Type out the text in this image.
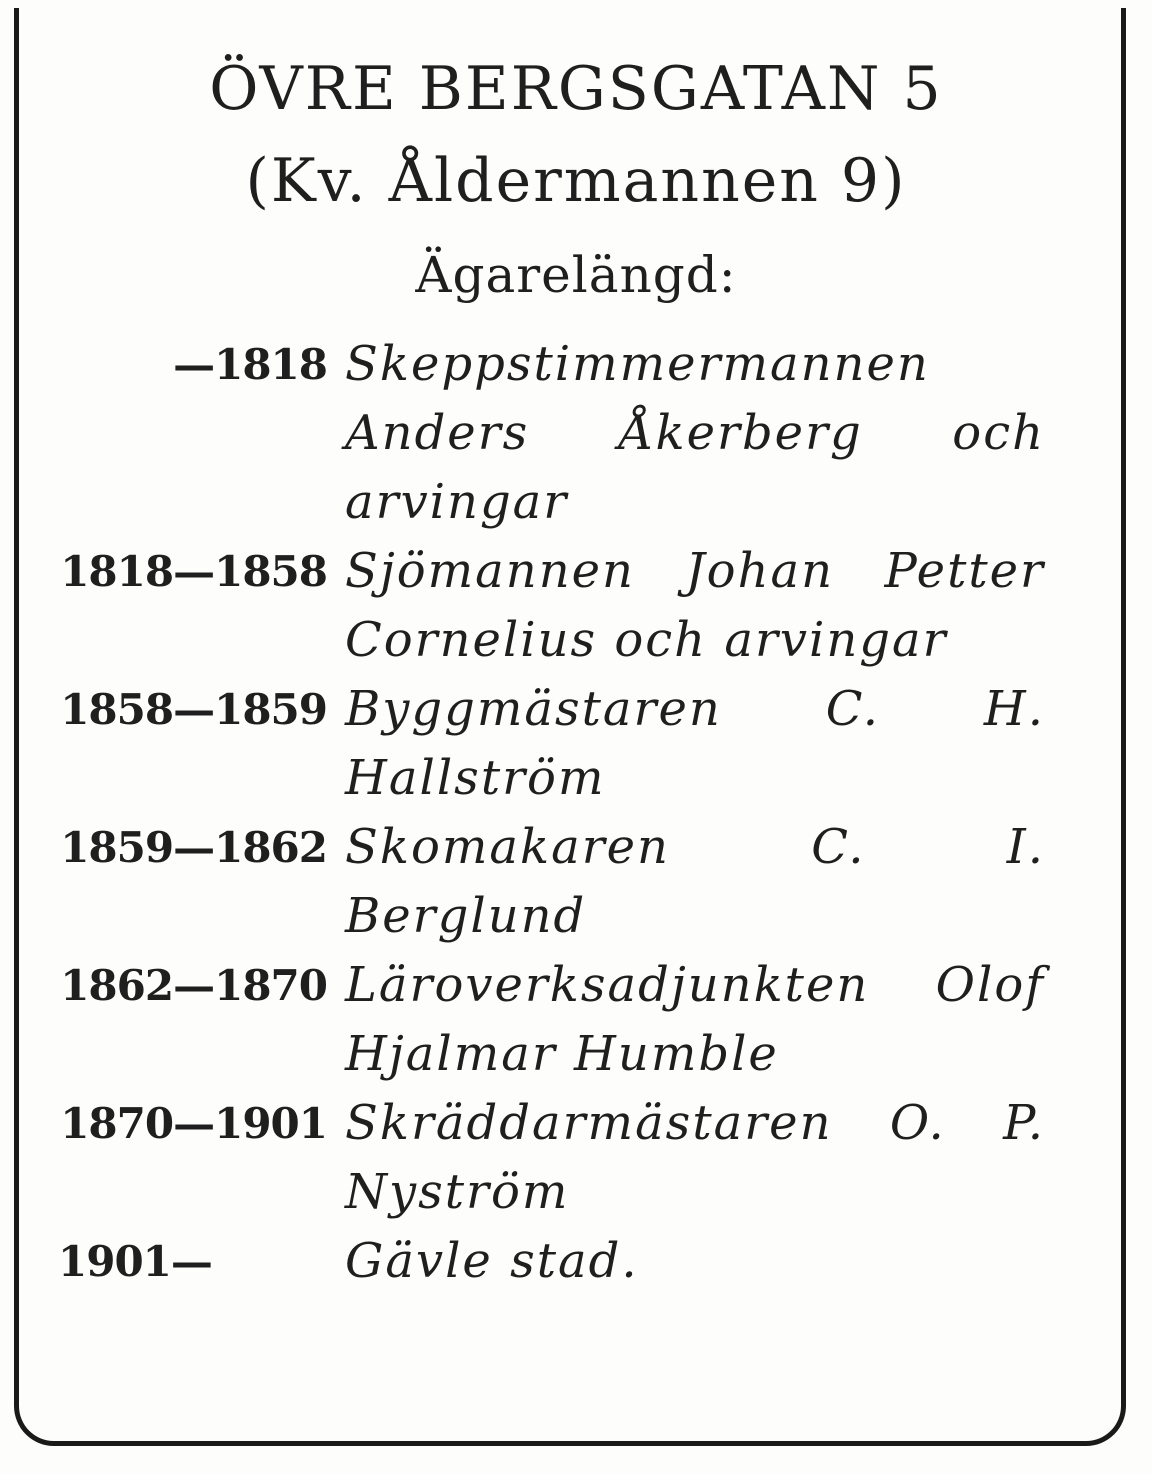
ÖVRE BERGSGATAN 5
(Kv. Åldermannen 9)
Ägarelängd:
—1818 Skeppstimmermannen Anders Åkerberg och arvingar
1818—1858 Sjömannen Johan Petter Cornelius och arvingar
1858—1859 Byggmästaren C. H. Hallström
1859—1862 Skomakaren C. I. Berglund
1862—1870 Läroverksadjunkten Olof Hjalmar Humble
1870—1901 Skräddarmästaren O. P. Nyström
1901—	Gävle stad.
